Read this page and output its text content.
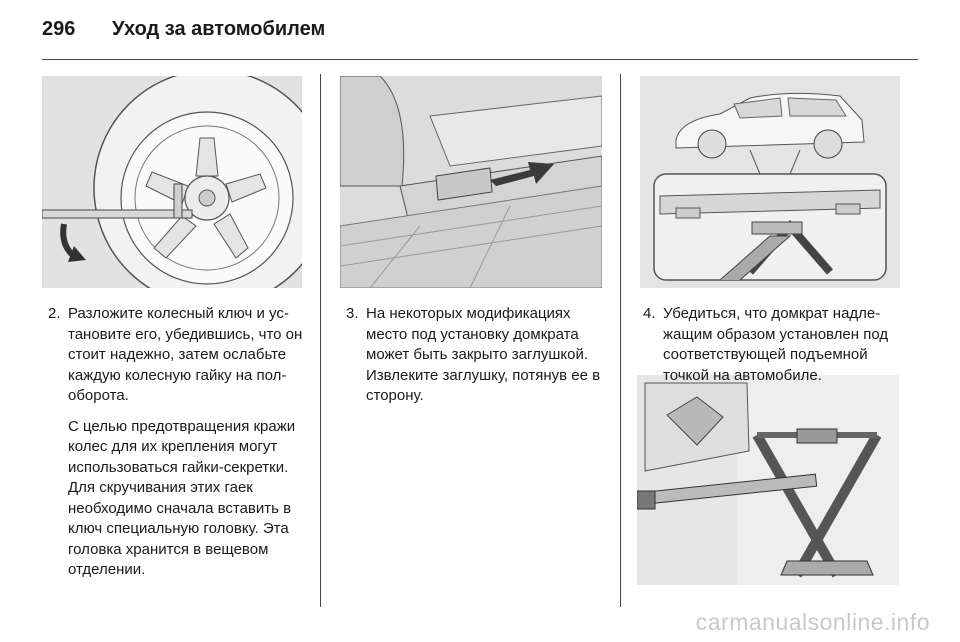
296	Уход за автомобилем
2. Разложите колесный ключ и установите его, убедившись, что он стоит надежно, затем ослабьте каждую колесную гайку на пол-оборота.

С целью предотвращения кражи колес для их крепления могут использоваться гайки-секретки. Для скручивания этих гаек необходимо сначала вставить в ключ специальную головку. Эта головка хранится в вещевом отделении.

3. На некоторых модификациях место под установку домкрата может быть закрыто заглушкой. Извлеките заглушку, потянув ее в сторону.

4. Убедиться, что домкрат надлежащим образом установлен под соответствующей подъемной точкой на автомобиле.

carmanualsonline.info
